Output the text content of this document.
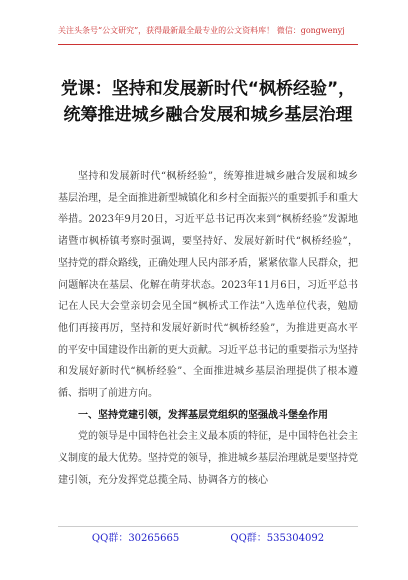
关注头条号“公文研究”，获得最新最全最专业的公文资料库！ 微信：gongwenyj
党课：坚持和发展新时代“枫桥经验”，统筹推进城乡融合发展和城乡基层治理

坚持和发展新时代“枫桥经验”，统筹推进城乡融合发展和城乡基层治理，是全面推进新型城镇化和乡村全面振兴的重要抓手和重大举措。2023年9月20日，习近平总书记再次来到“枫桥经验”发源地诸暨市枫桥镇考察时强调，要坚持好、发展好新时代“枫桥经验”，坚持党的群众路线，正确处理人民内部矛盾，紧紧依靠人民群众，把问题解决在基层、化解在萌芽状态。2023年11月6日，习近平总书记在人民大会堂亲切会见全国“枫桥式工作法”入选单位代表，勉励他们再接再厉，坚持和发展好新时代“枫桥经验”，为推进更高水平的平安中国建设作出新的更大贡献。习近平总书记的重要指示为坚持和发展好新时代“枫桥经验”、全面推进城乡基层治理提供了根本遵循、指明了前进方向。

一、坚持党建引领，发挥基层党组织的坚强战斗堡垒作用

党的领导是中国特色社会主义最本质的特征，是中国特色社会主义制度的最大优势。坚持党的领导，推进城乡基层治理就是要坚持党建引领，充分发挥党总揽全局、协调各方的核心

QQ群：30265665	QQ群：535304092
